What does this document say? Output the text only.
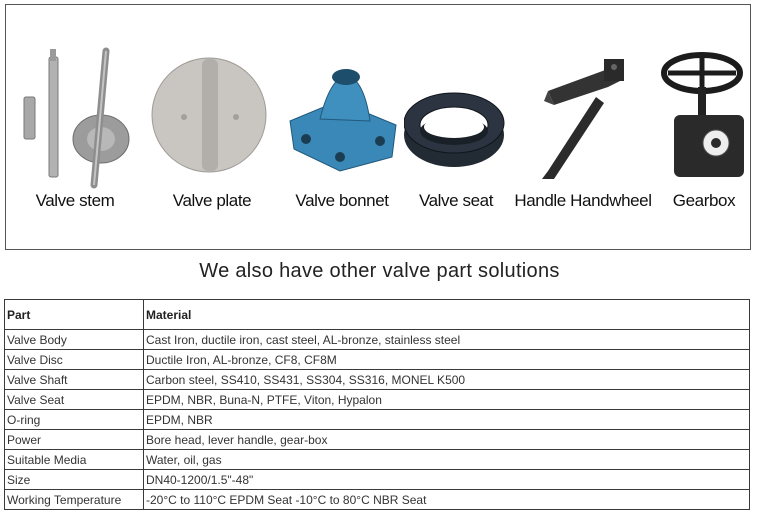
Valve stem	Valve plate	Valve bonnet	Valve seat	Handle Handwheel	Gearbox
We also have other valve part solutions
Part	Material
Valve Body	Cast Iron, ductile iron, cast steel, AL-bronze, stainless steel
Valve Disc	Ductile Iron, AL-bronze, CF8, CF8M
Valve Shaft	Carbon steel, SS410, SS431, SS304, SS316, MONEL K500
Valve Seat	EPDM, NBR, Buna-N, PTFE, Viton, Hypalon
O-ring	EPDM, NBR
Power	Bore head, lever handle, gear-box
Suitable Media	Water, oil, gas
Size	DN40-1200/1.5"-48"
Working Temperature	-20°C to 110°C EPDM Seat -10°C to 80°C NBR Seat
